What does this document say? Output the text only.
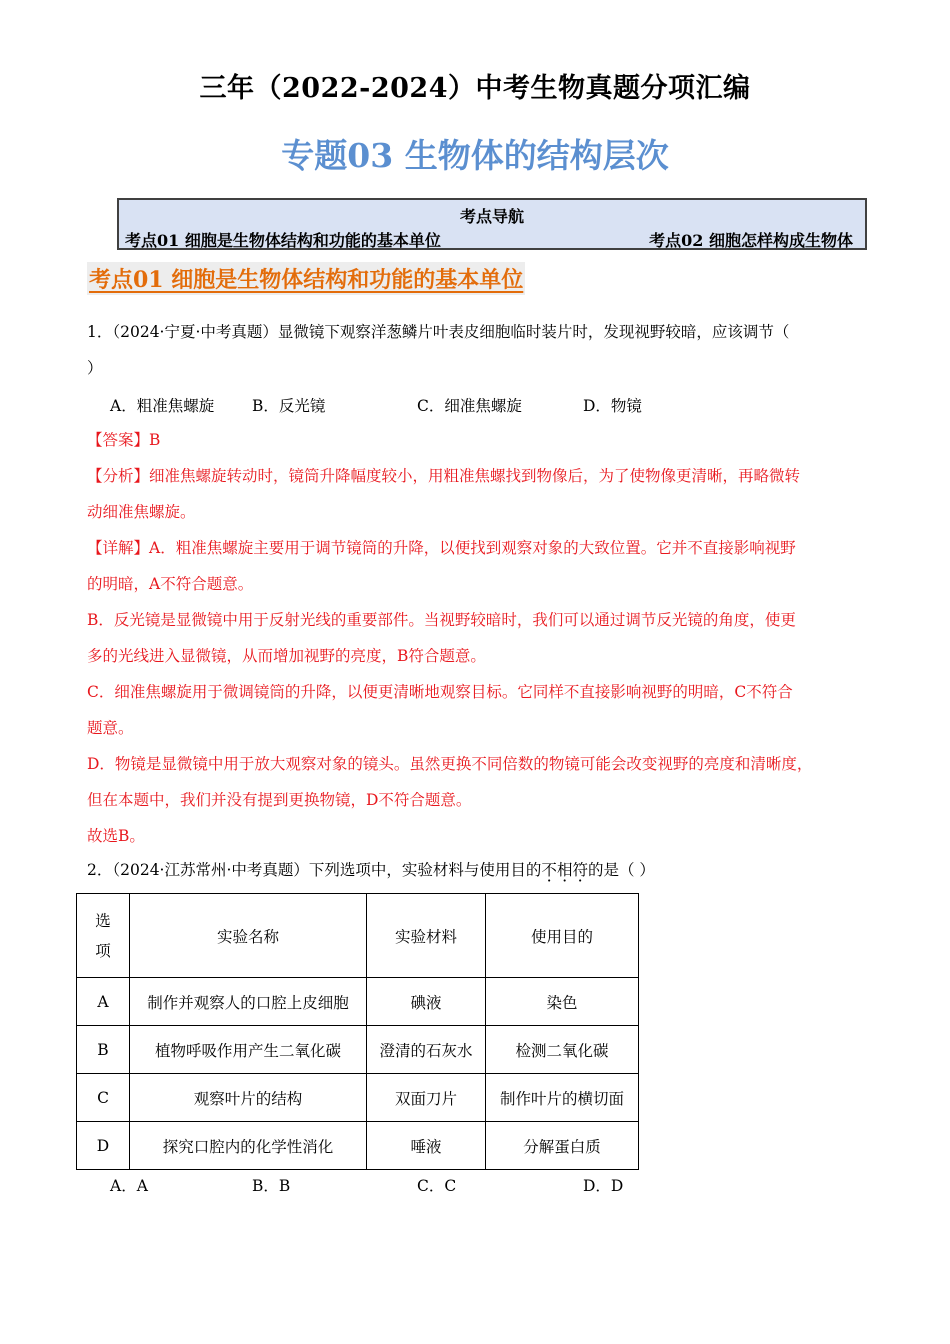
三年（2022-2024）中考生物真题分项汇编
专题03 生物体的结构层次
考点导航
考点01 细胞是生物体结构和功能的基本单位	考点02 细胞怎样构成生物体
考点01 细胞是生物体结构和功能的基本单位
1．（2024·宁夏·中考真题）显微镜下观察洋葱鳞片叶表皮细胞临时装片时，发现视野较暗，应该调节（
）
A．粗准焦螺旋 B．反光镜	C．细准焦螺旋	D．物镜
【答案】B
【分析】细准焦螺旋转动时，镜筒升降幅度较小，用粗准焦螺找到物像后，为了使物像更清晰，再略微转
动细准焦螺旋。
【详解】A．粗准焦螺旋主要用于调节镜筒的升降，以便找到观察对象的大致位置。它并不直接影响视野
的明暗，A不符合题意。
B．反光镜是显微镜中用于反射光线的重要部件。当视野较暗时，我们可以通过调节反光镜的角度，使更
多的光线进入显微镜，从而增加视野的亮度，B符合题意。
C．细准焦螺旋用于微调镜筒的升降，以便更清晰地观察目标。它同样不直接影响视野的明暗，C不符合
题意。
D．物镜是显微镜中用于放大观察对象的镜头。虽然更换不同倍数的物镜可能会改变视野的亮度和清晰度，
但在本题中，我们并没有提到更换物镜，D不符合题意。
故选B。
2．（2024·江苏常州·中考真题）下列选项中，实验材料与使用目的不相符的是（ ）
选
项	实验名称	实验材料	使用目的
A	制作并观察人的口腔上皮细胞	碘液	染色
B	植物呼吸作用产生二氧化碳	澄清的石灰水	检测二氧化碳
C	观察叶片的结构	双面刀片	制作叶片的横切面
D	探究口腔内的化学性消化	唾液	分解蛋白质
A．A	B．B	C．C	D．D
